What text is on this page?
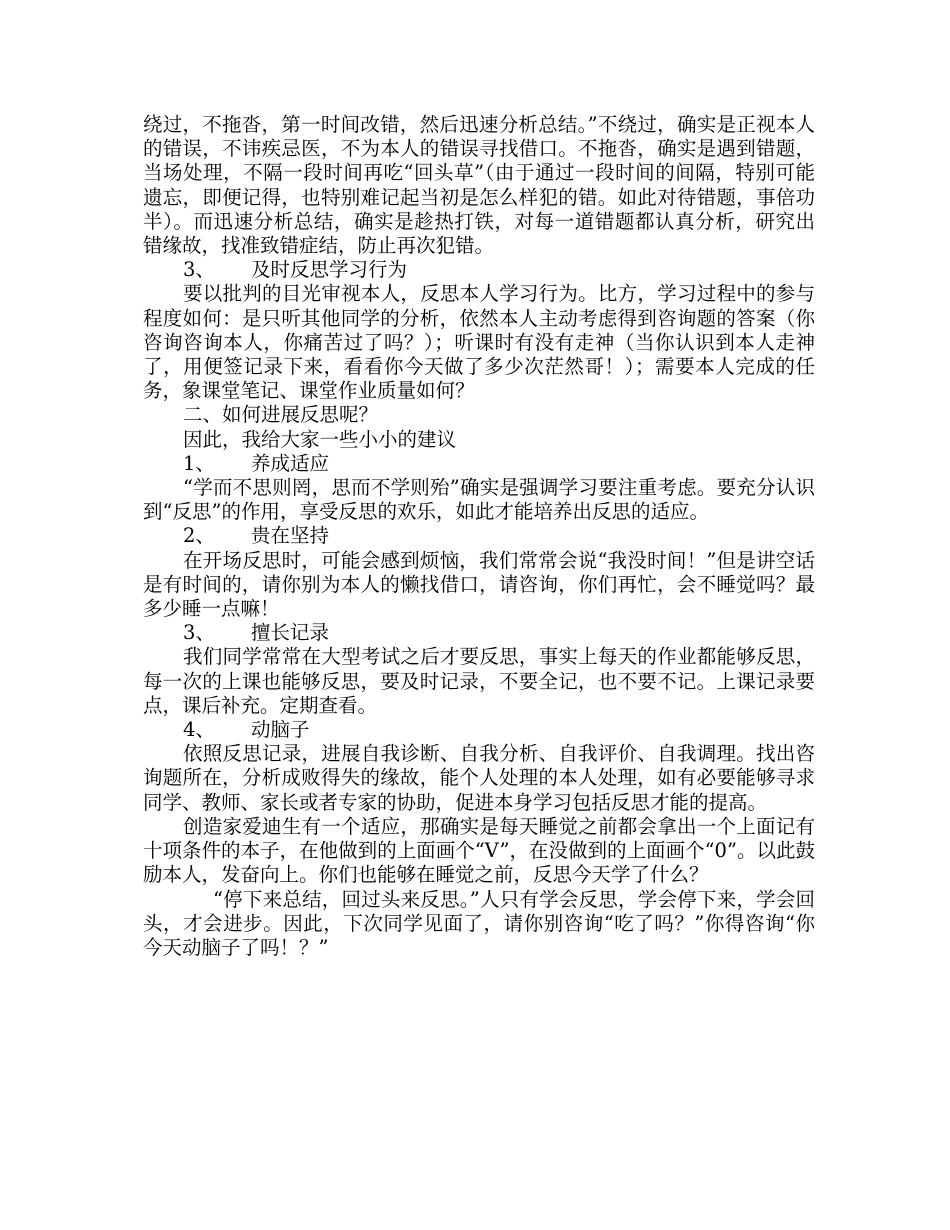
绕过，不拖沓，第一时间改错，然后迅速分析总结。”不绕过，确实是正视本人的错误，不讳疾忌医，不为本人的错误寻找借口。不拖沓，确实是遇到错题，当场处理，不隔一段时间再吃“回头草”（由于通过一段时间的间隔，特别可能遗忘，即便记得，也特别难记起当初是怎么样犯的错。如此对待错题，事倍功半）。而迅速分析总结，确实是趁热打铁，对每一道错题都认真分析，研究出错缘故，找准致错症结，防止再次犯错。

3、 及时反思学习行为

要以批判的目光审视本人，反思本人学习行为。比方，学习过程中的参与程度如何：是只听其他同学的分析，依然本人主动考虑得到咨询题的答案（你咨询咨询本人，你痛苦过了吗？）；听课时有没有走神（当你认识到本人走神了，用便签记录下来，看看你今天做了多少次茫然哥！）；需要本人完成的任务，象课堂笔记、课堂作业质量如何？

二、如何进展反思呢？

因此，我给大家一些小小的建议

1、 养成适应

“学而不思则罔，思而不学则殆”确实是强调学习要注重考虑。要充分认识到“反思”的作用，享受反思的欢乐，如此才能培养出反思的适应。

2、 贵在坚持

在开场反思时，可能会感到烦恼，我们常常会说“我没时间！”但是讲空话是有时间的，请你别为本人的懒找借口，请咨询，你们再忙，会不睡觉吗？最多少睡一点嘛！

3、 擅长记录

我们同学常常在大型考试之后才要反思，事实上每天的作业都能够反思，每一次的上课也能够反思，要及时记录，不要全记，也不要不记。上课记录要点，课后补充。定期查看。

4、 动脑子

依照反思记录，进展自我诊断、自我分析、自我评价、自我调理。找出咨询题所在，分析成败得失的缘故，能个人处理的本人处理，如有必要能够寻求同学、教师、家长或者专家的协助，促进本身学习包括反思才能的提高。

创造家爱迪生有一个适应，那确实是每天睡觉之前都会拿出一个上面记有十项条件的本子，在他做到的上面画个“V”，在没做到的上面画个“0”。以此鼓励本人，发奋向上。你们也能够在睡觉之前，反思今天学了什么？

“停下来总结，回过头来反思。”人只有学会反思，学会停下来，学会回头，才会进步。因此，下次同学见面了，请你别咨询“吃了吗？”你得咨询“你今天动脑子了吗！？”
